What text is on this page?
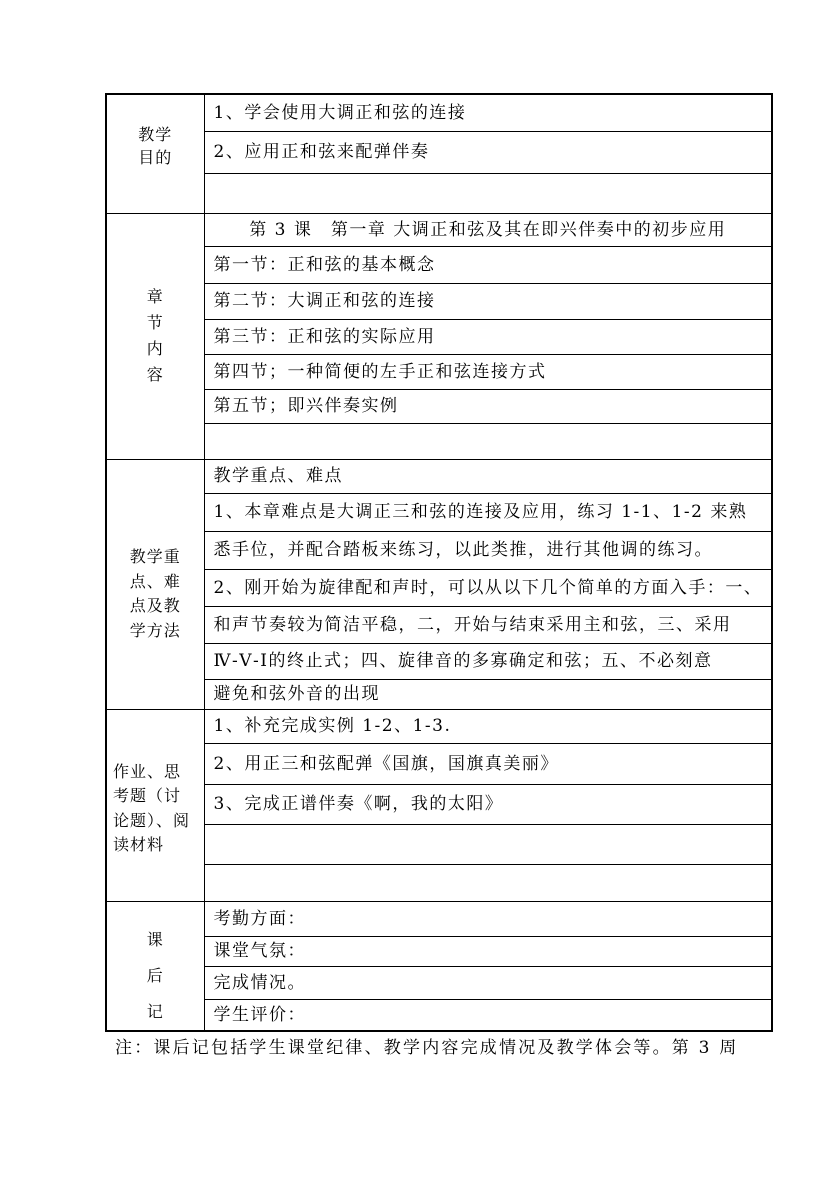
教学
目的	1、学会使用大调正和弦的连接
	2、应用正和弦来配弹伴奏

章
节
内
容	第 3 课　第一章 大调正和弦及其在即兴伴奏中的初步应用
	第一节：正和弦的基本概念
	第二节：大调正和弦的连接
	第三节：正和弦的实际应用
	第四节；一种简便的左手正和弦连接方式
	第五节；即兴伴奏实例

教学重
点、难
点及教
学方法	教学重点、难点
	1、本章难点是大调正三和弦的连接及应用，练习 1-1、1-2 来熟
	悉手位，并配合踏板来练习，以此类推，进行其他调的练习。
	2、刚开始为旋律配和声时，可以从以下几个简单的方面入手：一、
	和声节奏较为简洁平稳，二，开始与结束采用主和弦，三、采用
	Ⅳ-Ⅴ-Ⅰ的终止式；四、旋律音的多寡确定和弦；五、不必刻意
	避免和弦外音的出现

作业、思
考题（讨
论题）、阅
读材料	1、补充完成实例 1-2、1-3.
	2、用正三和弦配弹《国旗，国旗真美丽》
	3、完成正谱伴奏《啊，我的太阳》

课
后
记	考勤方面：
	课堂气氛：
	完成情况。
	学生评价：
注：课后记包括学生课堂纪律、教学内容完成情况及教学体会等。第 3 周
